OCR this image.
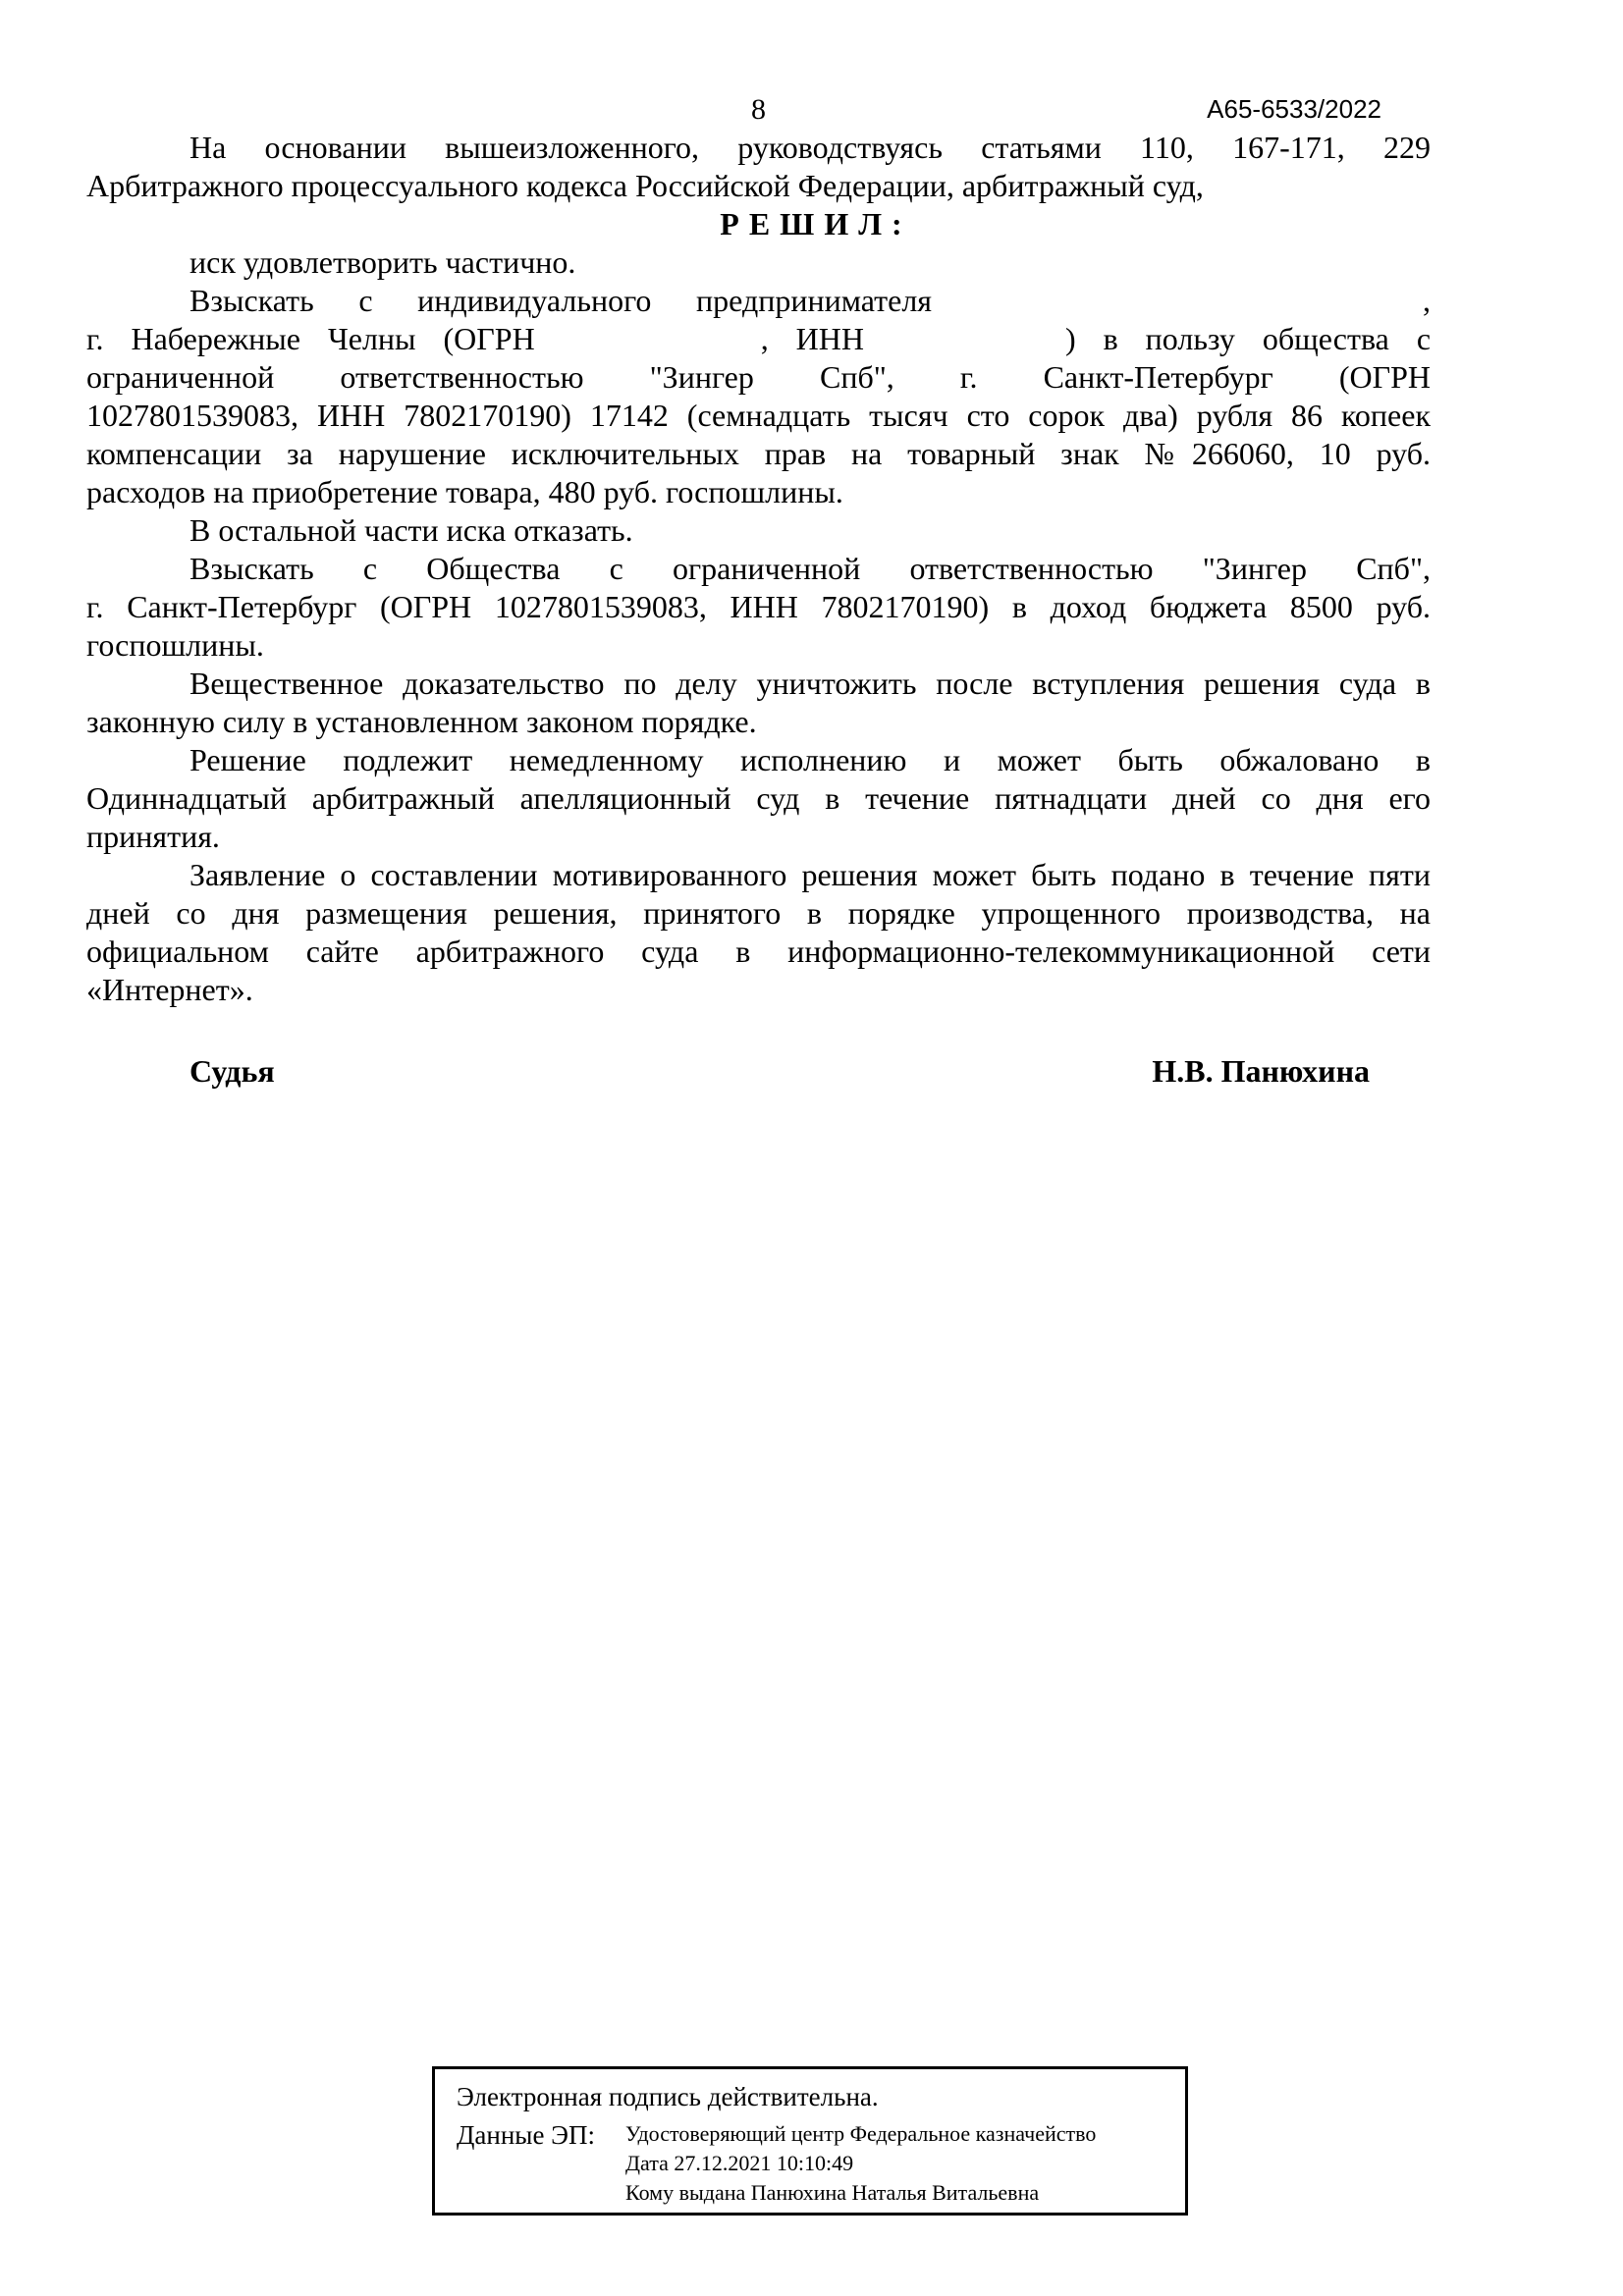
8	А65-6533/2022
На основании вышеизложенного, руководствуясь статьями 110, 167-171, 229
Арбитражного процессуального кодекса Российской Федерации, арбитражный суд,
Р Е Ш И Л :
иск удовлетворить частично.
Взыскать с индивидуального предпринимателя	,
г. Набережные Челны (ОГРН	, ИНН	) в пользу общества с
ограниченной ответственностью "Зингер Спб", г. Санкт-Петербург (ОГРН
1027801539083, ИНН 7802170190) 17142 (семнадцать тысяч сто сорок два) рубля 86 копеек
компенсации за нарушение исключительных прав на товарный знак №266060, 10 руб.
расходов на приобретение товара, 480 руб. госпошлины.
В остальной части иска отказать.
Взыскать с Общества с ограниченной ответственностью "Зингер Спб",
г. Санкт-Петербург (ОГРН 1027801539083, ИНН 7802170190) в доход бюджета 8500 руб.
госпошлины.
Вещественное доказательство по делу уничтожить после вступления решения суда в
законную силу в установленном законом порядке.
Решение подлежит немедленному исполнению и может быть обжаловано в
Одиннадцатый арбитражный апелляционный суд в течение пятнадцати дней со дня его
принятия.
Заявление о составлении мотивированного решения может быть подано в течение пяти
дней со дня размещения решения, принятого в порядке упрощенного производства, на
официальном сайте арбитражного суда в информационно-телекоммуникационной сети
«Интернет».
Судья	Н.В. Панюхина
Электронная подпись действительна.
Данные ЭП:	Удостоверяющий центр Федеральное казначейство
Дата 27.12.2021 10:10:49
Кому выдана Панюхина Наталья Витальевна
